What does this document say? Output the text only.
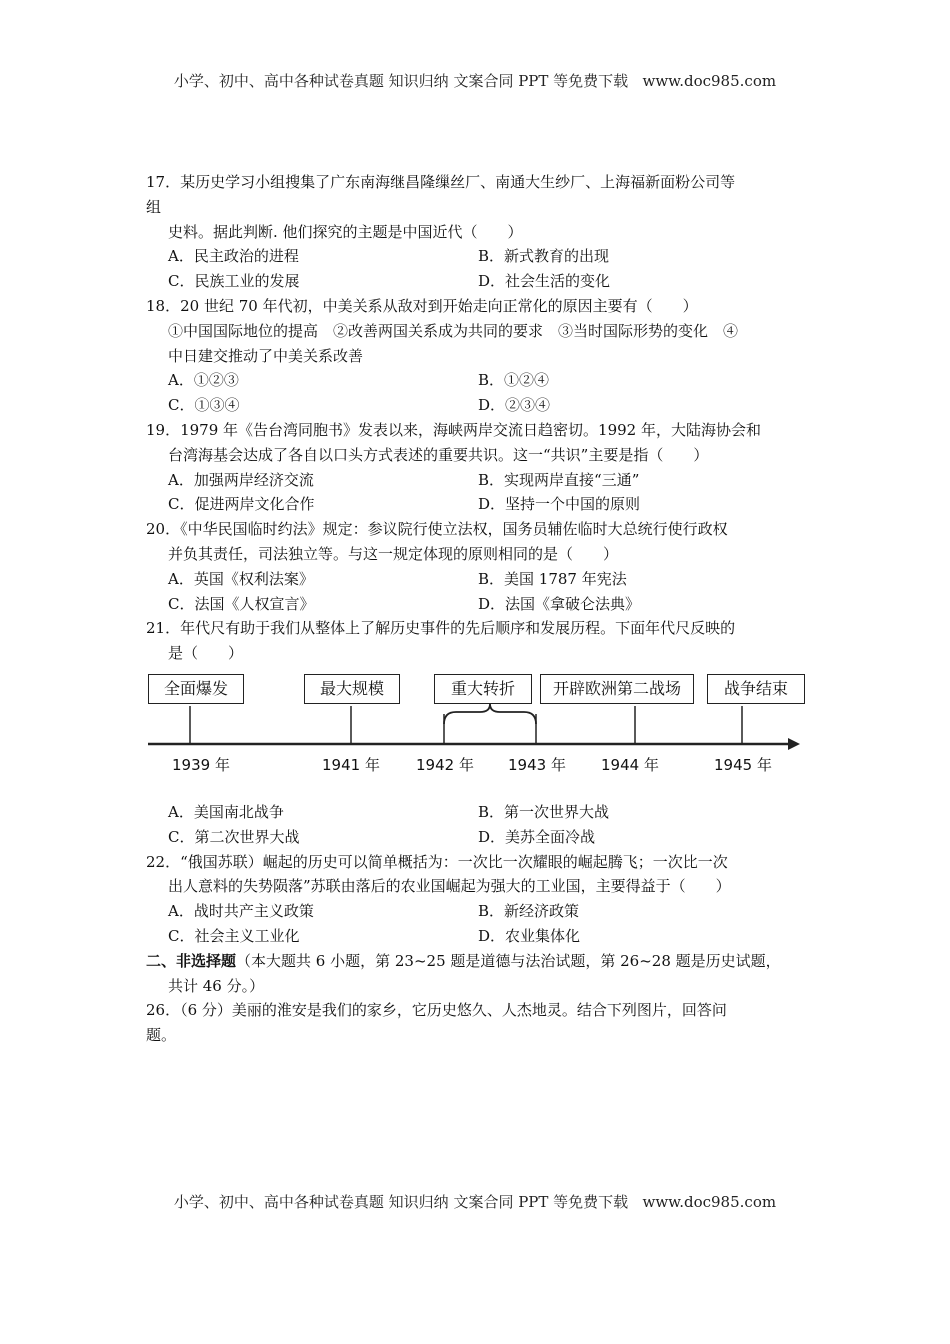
小学、初中、高中各种试卷真题 知识归纳 文案合同 PPT 等免费下载   www.doc985.com
17．某历史学习小组搜集了广东南海继昌隆缫丝厂、南通大生纱厂、上海福新面粉公司等
组
史料。据此判断. 他们探究的主题是中国近代（　　）
A．民主政治的进程	B．新式教育的出现
C．民族工业的发展	D．社会生活的变化
18．20 世纪 70 年代初，中美关系从敌对到开始走向正常化的原因主要有（　　）
①中国国际地位的提高　②改善两国关系成为共同的要求　③当时国际形势的变化　④
中日建交推动了中美关系改善
A．①②③	B．①②④
C．①③④	D．②③④
19．1979 年《告台湾同胞书》发表以来，海峡两岸交流日趋密切。1992 年，大陆海协会和
台湾海基会达成了各自以口头方式表述的重要共识。这一“共识”主要是指（　　）
A．加强两岸经济交流	B．实现两岸直接“三通”
C．促进两岸文化合作	D．坚持一个中国的原则
20．《中华民国临时约法》规定：参议院行使立法权，国务员辅佐临时大总统行使行政权
并负其责任，司法独立等。与这一规定体现的原则相同的是（　　）
A．英国《权利法案》	B．美国 1787 年宪法
C．法国《人权宣言》	D．法国《拿破仑法典》
21．年代尺有助于我们从整体上了解历史事件的先后顺序和发展历程。下面年代尺反映的
是（　　）
全面爆发	最大规模	重大转折	开辟欧洲第二战场	战争结束
1939 年	1941 年 1942 年 1943 年 1944 年	1945 年
A．美国南北战争	B．第一次世界大战
C．第二次世界大战	D．美苏全面冷战
22．“俄国苏联）崛起的历史可以简单概括为：一次比一次耀眼的崛起腾飞；一次比一次
出人意料的失势陨落”苏联由落后的农业国崛起为强大的工业国，主要得益于（　　）
A．战时共产主义政策	B．新经济政策
C．社会主义工业化	D．农业集体化
二、非选择题（本大题共 6 小题，第 23~25 题是道德与法治试题，第 26~28 题是历史试题，
共计 46 分。）
26．（6 分）美丽的淮安是我们的家乡，它历史悠久、人杰地灵。结合下列图片，回答问
题。
小学、初中、高中各种试卷真题 知识归纳 文案合同 PPT 等免费下载   www.doc985.com
